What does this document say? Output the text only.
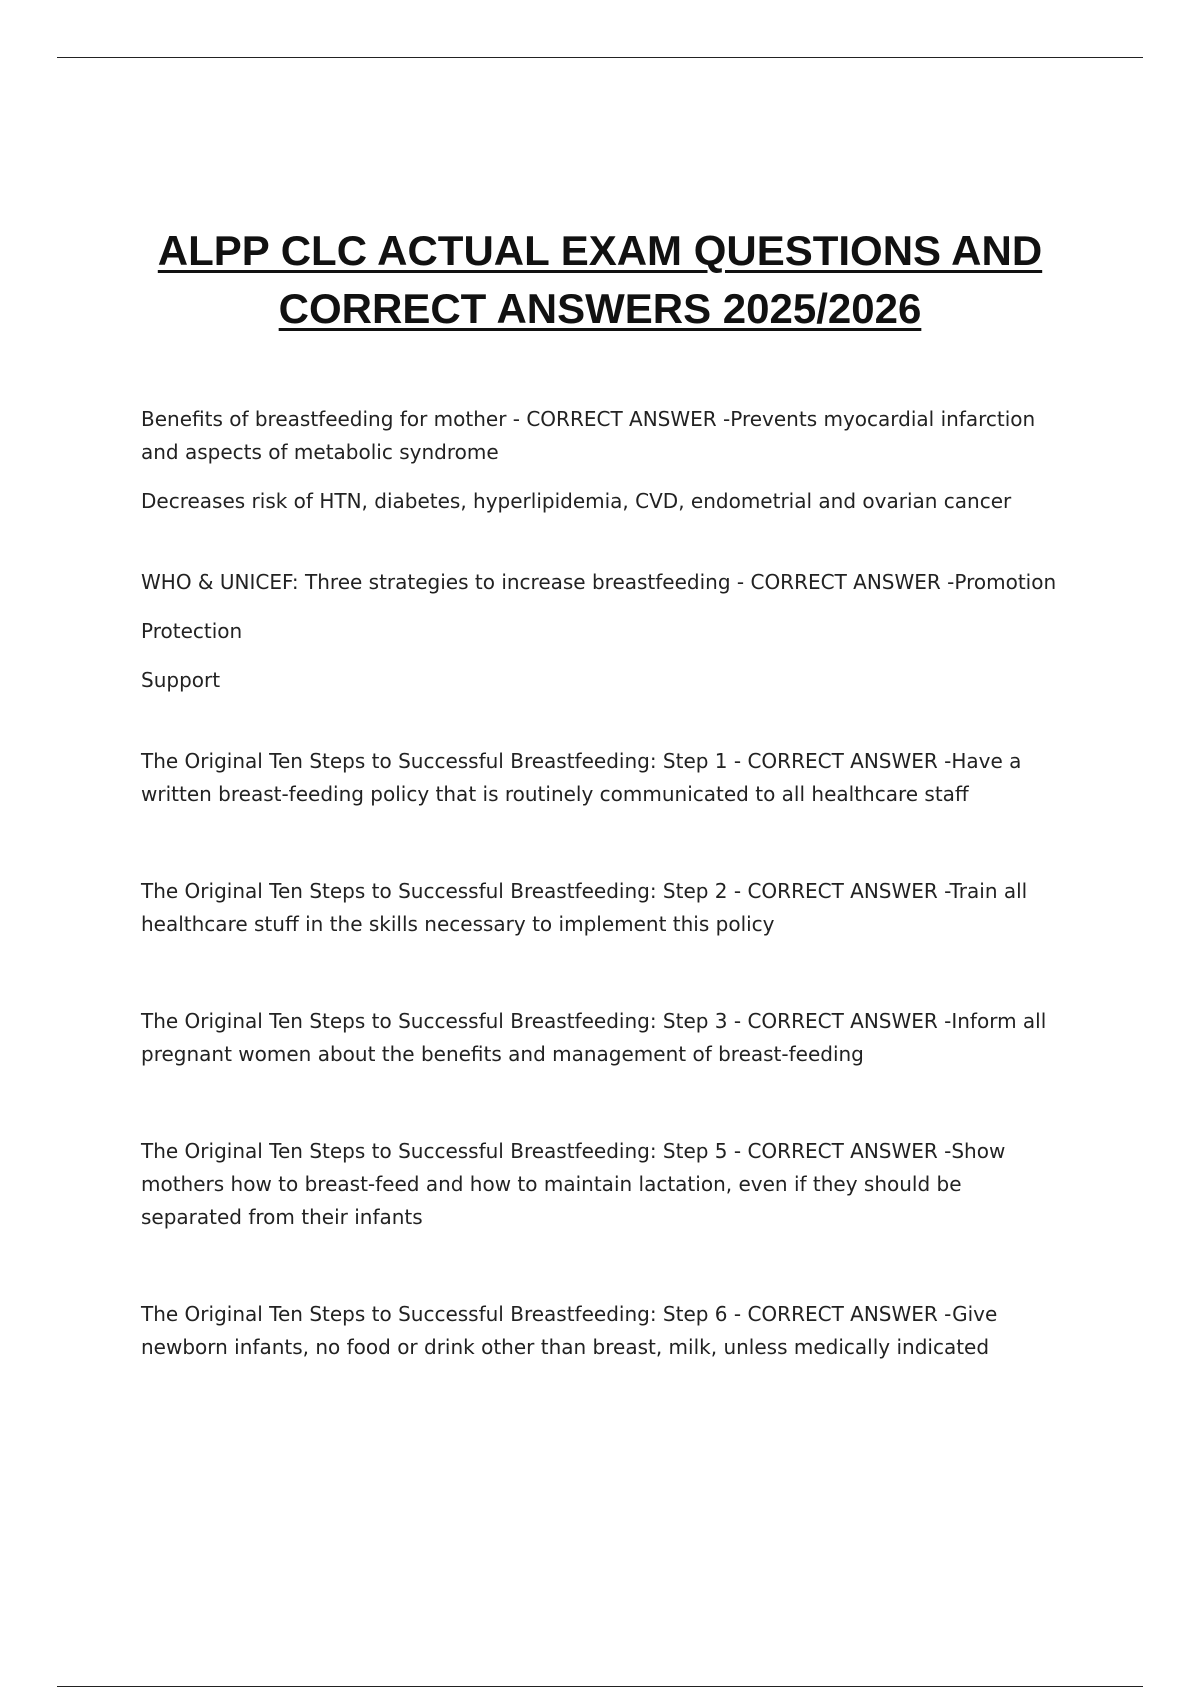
ALPP CLC ACTUAL EXAM QUESTIONS AND
CORRECT ANSWERS 2025/2026

Benefits of breastfeeding for mother - CORRECT ANSWER -Prevents myocardial infarction and aspects of metabolic syndrome

Decreases risk of HTN, diabetes, hyperlipidemia, CVD, endometrial and ovarian cancer

WHO & UNICEF: Three strategies to increase breastfeeding - CORRECT ANSWER -Promotion

Protection

Support

The Original Ten Steps to Successful Breastfeeding: Step 1 - CORRECT ANSWER -Have a written breast-feeding policy that is routinely communicated to all healthcare staff

The Original Ten Steps to Successful Breastfeeding: Step 2 - CORRECT ANSWER -Train all healthcare stuff in the skills necessary to implement this policy

The Original Ten Steps to Successful Breastfeeding: Step 3 - CORRECT ANSWER -Inform all pregnant women about the benefits and management of breast-feeding

The Original Ten Steps to Successful Breastfeeding: Step 5 - CORRECT ANSWER -Show mothers how to breast-feed and how to maintain lactation, even if they should be separated from their infants

The Original Ten Steps to Successful Breastfeeding: Step 6 - CORRECT ANSWER -Give newborn infants, no food or drink other than breast, milk, unless medically indicated
